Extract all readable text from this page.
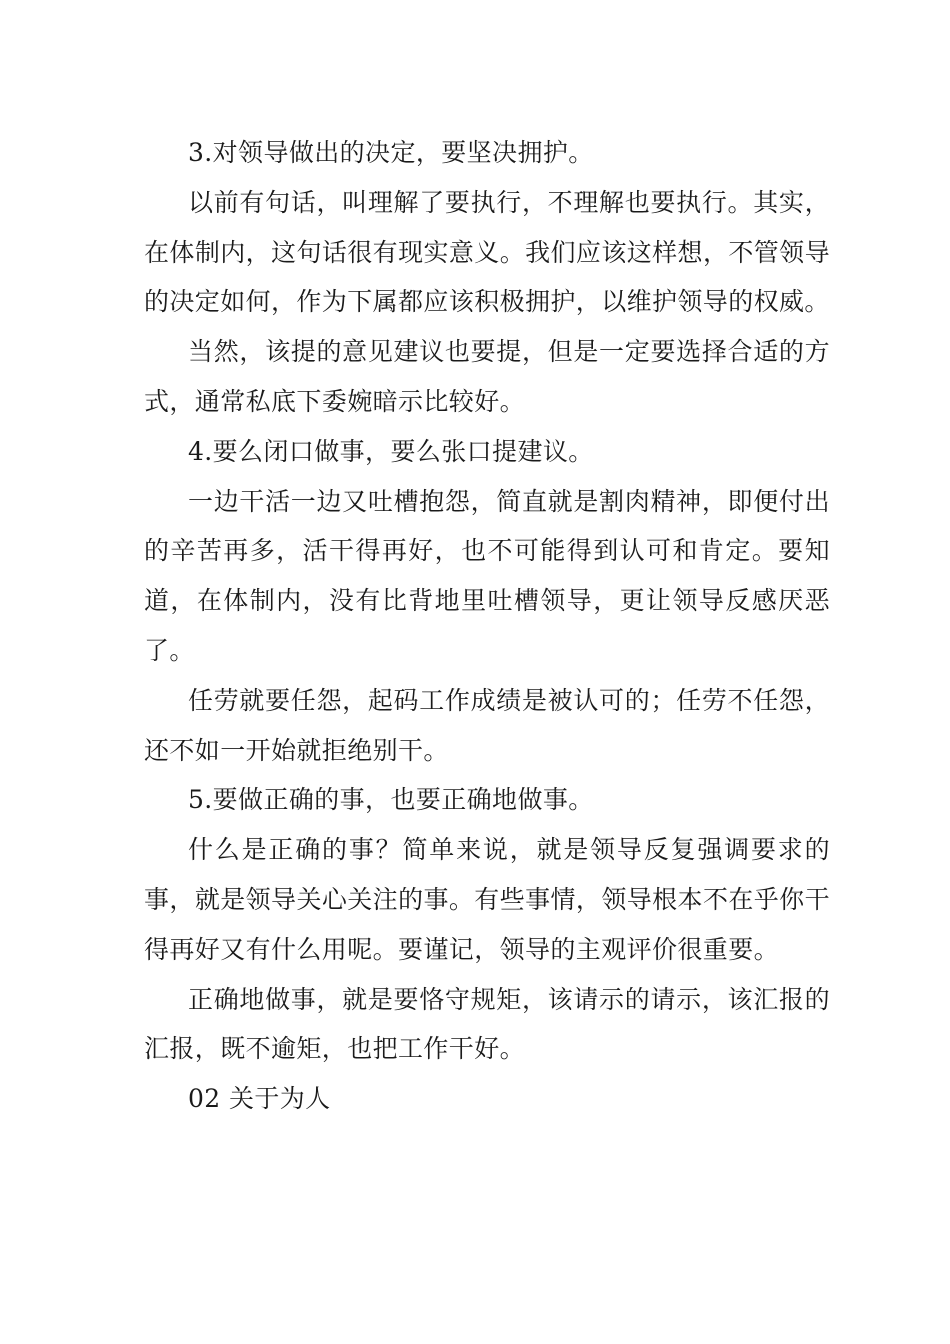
3.对领导做出的决定，要坚决拥护。

以前有句话，叫理解了要执行，不理解也要执行。其实，在体制内，这句话很有现实意义。我们应该这样想，不管领导的决定如何，作为下属都应该积极拥护，以维护领导的权威。

当然，该提的意见建议也要提，但是一定要选择合适的方式，通常私底下委婉暗示比较好。

4.要么闭口做事，要么张口提建议。

一边干活一边又吐槽抱怨，简直就是割肉精神，即便付出的辛苦再多，活干得再好，也不可能得到认可和肯定。要知道，在体制内，没有比背地里吐槽领导，更让领导反感厌恶了。

任劳就要任怨，起码工作成绩是被认可的；任劳不任怨，还不如一开始就拒绝别干。

5.要做正确的事，也要正确地做事。

什么是正确的事？简单来说，就是领导反复强调要求的事，就是领导关心关注的事。有些事情，领导根本不在乎你干得再好又有什么用呢。要谨记，领导的主观评价很重要。

正确地做事，就是要恪守规矩，该请示的请示，该汇报的汇报，既不逾矩，也把工作干好。

02 关于为人
